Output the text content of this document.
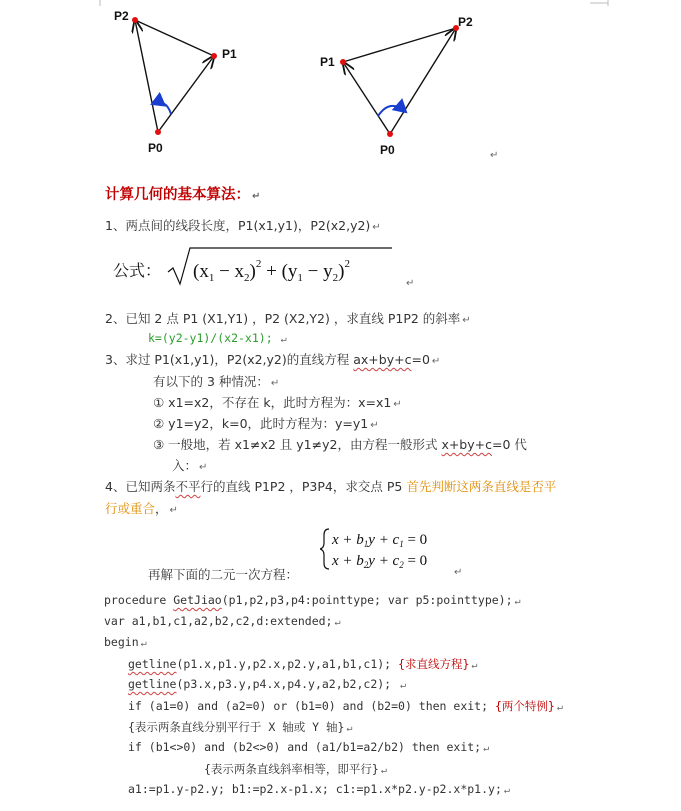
P2
P1
P0
P1
P2
P0	↵
计算几何的基本算法： ↵
1、两点间的线段长度，P1(x1,y1)，P2(x2,y2) ↵
公式： $(x_1 - x_2)^2 + (y_1 - y_2)^2$
↵
2、已知 2 点 P1 (X1,Y1) ，P2 (X2,Y2) ，求直线 P1P2 的斜率 ↵
k=(y2-y1)/(x2-x1); ↵
3、求过 P1(x1,y1)，P2(x2,y2)的直线方程 ax+by+c=0 ↵
有以下的 3 种情况： ↵
① x1=x2，不存在 k，此时方程为：x=x1 ↵
② y1=y2，k=0，此时方程为：y=y1 ↵
③ 一般地，若 x1≠x2 且 y1≠y2，由方程一般形式 x+by+c=0 代
入： ↵
4、已知两条不平行的直线 P1P2 ，P3P4，求交点 P5 首先判断这两条直线是否平
行或重合， ↵
$x + b_1y + c_1 = 0$
$x + b_2y + c_2 = 0$
再解下面的二元一次方程：	↵
procedure GetJiao(p1,p2,p3,p4:pointtype; var p5:pointtype); ↵
var a1,b1,c1,a2,b2,c2,d:extended; ↵
begin ↵
getline(p1.x,p1.y,p2.x,p2.y,a1,b1,c1); {求直线方程} ↵
getline(p3.x,p3.y,p4.x,p4.y,a2,b2,c2); ↵
if (a1=0) and (a2=0) or (b1=0) and (b2=0) then exit; {两个特例} ↵
{表示两条直线分别平行于 X 轴或 Y 轴} ↵
if (b1<>0) and (b2<>0) and (a1/b1=a2/b2) then exit; ↵
{表示两条直线斜率相等，即平行} ↵
a1:=p1.y-p2.y; b1:=p2.x-p1.x; c1:=p1.x*p2.y-p2.x*p1.y; ↵
